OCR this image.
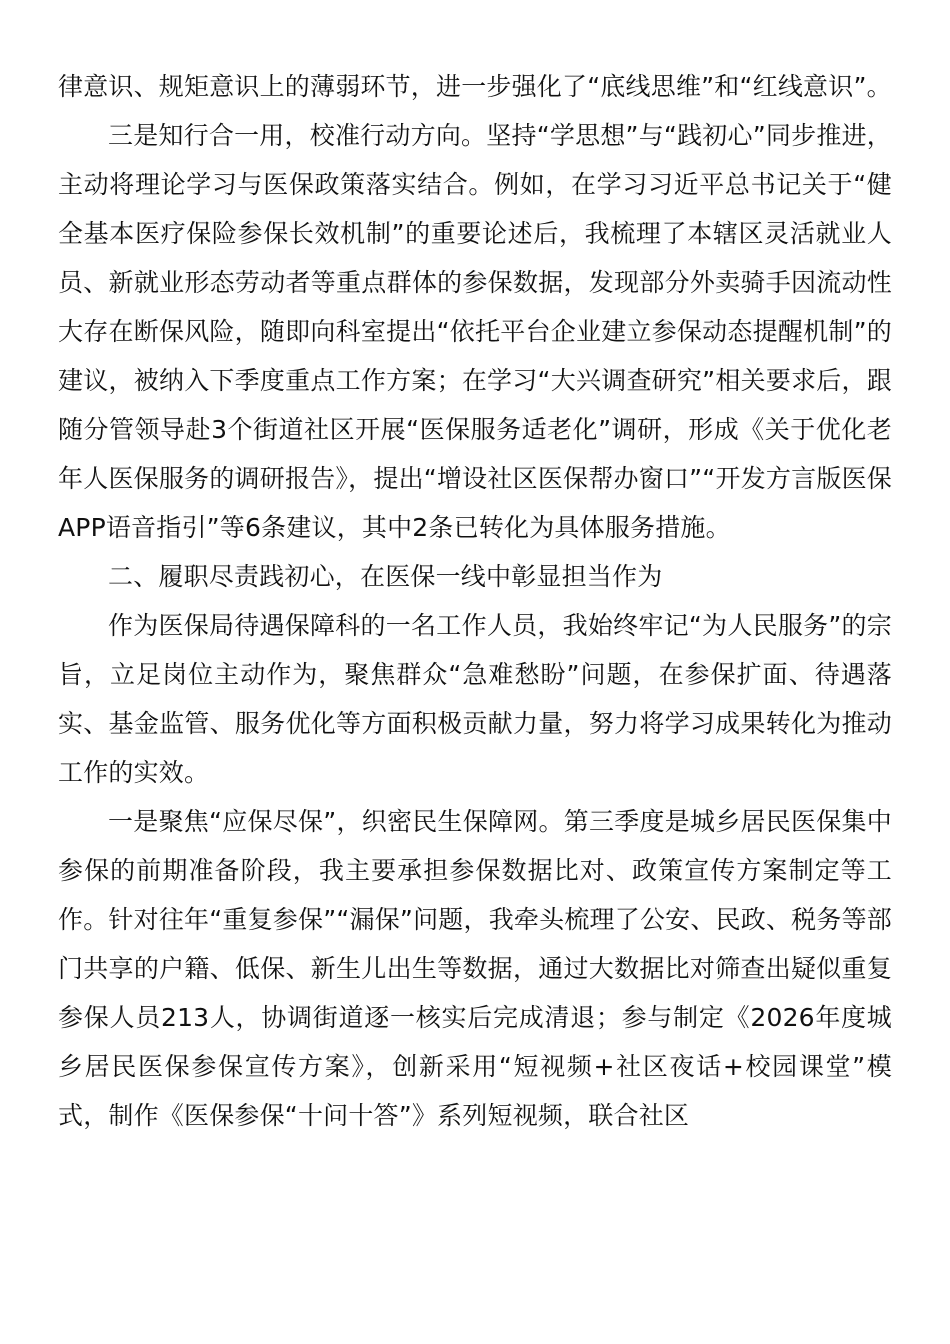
律意识、规矩意识上的薄弱环节，进一步强化了“底线思维”和“红线意识”。

三是知行合一用，校准行动方向。坚持“学思想”与“践初心”同步推进，主动将理论学习与医保政策落实结合。例如，在学习习近平总书记关于“健全基本医疗保险参保长效机制”的重要论述后，我梳理了本辖区灵活就业人员、新就业形态劳动者等重点群体的参保数据，发现部分外卖骑手因流动性大存在断保风险，随即向科室提出“依托平台企业建立参保动态提醒机制”的建议，被纳入下季度重点工作方案；在学习“大兴调查研究”相关要求后，跟随分管领导赴3个街道社区开展“医保服务适老化”调研，形成《关于优化老年人医保服务的调研报告》，提出“增设社区医保帮办窗口”“开发方言版医保APP语音指引”等6条建议，其中2条已转化为具体服务措施。

二、履职尽责践初心，在医保一线中彰显担当作为

作为医保局待遇保障科的一名工作人员，我始终牢记“为人民服务”的宗旨，立足岗位主动作为，聚焦群众“急难愁盼”问题，在参保扩面、待遇落实、基金监管、服务优化等方面积极贡献力量，努力将学习成果转化为推动工作的实效。

一是聚焦“应保尽保”，织密民生保障网。第三季度是城乡居民医保集中参保的前期准备阶段，我主要承担参保数据比对、政策宣传方案制定等工作。针对往年“重复参保”“漏保”问题，我牵头梳理了公安、民政、税务等部门共享的户籍、低保、新生儿出生等数据，通过大数据比对筛查出疑似重复参保人员213人，协调街道逐一核实后完成清退；参与制定《2026年度城乡居民医保参保宣传方案》，创新采用“短视频+社区夜话+校园课堂”模式，制作《医保参保“十问十答”》系列短视频，联合社区
